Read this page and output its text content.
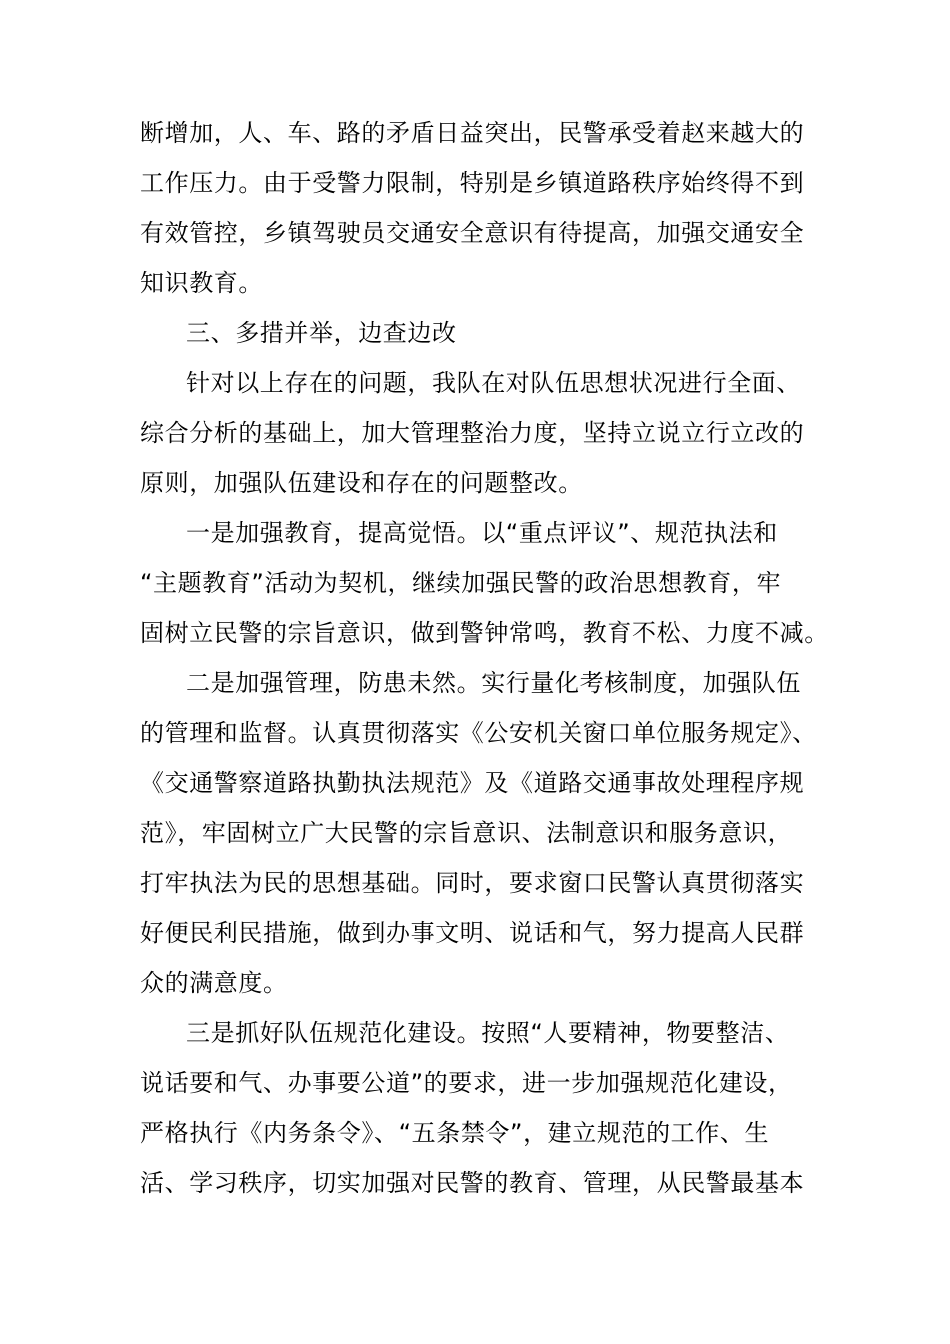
断增加，人、车、路的矛盾日益突出，民警承受着赵来越大的
工作压力。由于受警力限制，特别是乡镇道路秩序始终得不到
有效管控，乡镇驾驶员交通安全意识有待提高，加强交通安全
知识教育。
三、多措并举，边查边改
针对以上存在的问题，我队在对队伍思想状况进行全面、
综合分析的基础上，加大管理整治力度，坚持立说立行立改的
原则，加强队伍建设和存在的问题整改。
一是加强教育，提高觉悟。以“重点评议”、规范执法和
“主题教育”活动为契机，继续加强民警的政治思想教育，牢
固树立民警的宗旨意识，做到警钟常鸣，教育不松、力度不减。
二是加强管理，防患未然。实行量化考核制度，加强队伍
的管理和监督。认真贯彻落实《公安机关窗口单位服务规定》、
《交通警察道路执勤执法规范》及《道路交通事故处理程序规
范》，牢固树立广大民警的宗旨意识、法制意识和服务意识，
打牢执法为民的思想基础。同时，要求窗口民警认真贯彻落实
好便民利民措施，做到办事文明、说话和气，努力提高人民群
众的满意度。
三是抓好队伍规范化建设。按照“人要精神，物要整洁、
说话要和气、办事要公道”的要求，进一步加强规范化建设，
严格执行《内务条令》、“五条禁令”，建立规范的工作、生
活、学习秩序，切实加强对民警的教育、管理，从民警最基本
